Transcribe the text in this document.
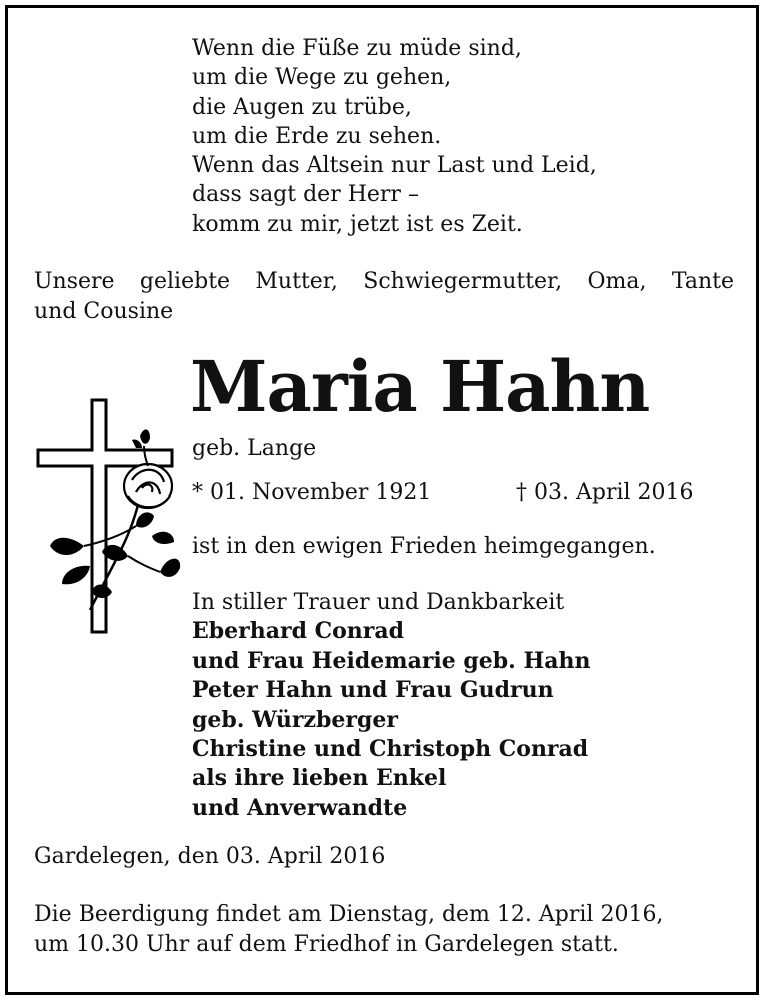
Wenn die Füße zu müde sind,
um die Wege zu gehen,
die Augen zu trübe,
um die Erde zu sehen.
Wenn das Altsein nur Last und Leid,
dass sagt der Herr –
komm zu mir, jetzt ist es Zeit.
Unsere geliebte Mutter, Schwiegermutter, Oma, Tante
und Cousine
Maria Hahn
geb. Lange
* 01. November 1921	† 03. April 2016
ist in den ewigen Frieden heimgegangen.
In stiller Trauer und Dankbarkeit
Eberhard Conrad
und Frau Heidemarie geb. Hahn
Peter Hahn und Frau Gudrun
geb. Würzberger
Christine und Christoph Conrad
als ihre lieben Enkel
und Anverwandte
Gardelegen, den 03. April 2016
Die Beerdigung findet am Dienstag, dem 12. April 2016,
um 10.30 Uhr auf dem Friedhof in Gardelegen statt.
